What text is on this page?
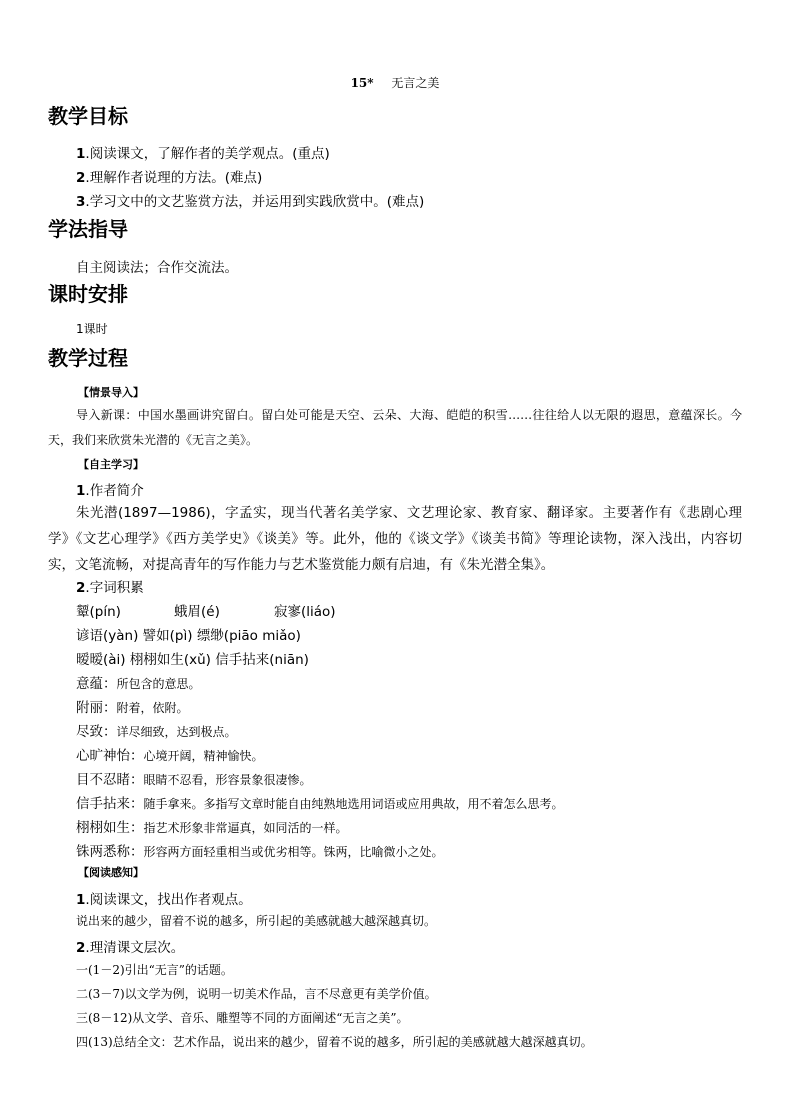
15* 无言之美
教学目标
1.阅读课文，了解作者的美学观点。(重点)
2.理解作者说理的方法。(难点)
3.学习文中的文艺鉴赏方法，并运用到实践欣赏中。(难点)
学法指导
自主阅读法；合作交流法。
课时安排
1课时
教学过程
【情景导入】
导入新课：中国水墨画讲究留白。留白处可能是天空、云朵、大海、皑皑的积雪……往往给人以无限的遐思，意蕴深长。今天，我们来欣赏朱光潜的《无言之美》。
【自主学习】
1.作者简介
朱光潜(1897—1986)，字孟实，现当代著名美学家、文艺理论家、教育家、翻译家。主要著作有《悲剧心理学》《文艺心理学》《西方美学史》《谈美》等。此外，他的《谈文学》《谈美书简》等理论读物，深入浅出，内容切实，文笔流畅，对提高青年的写作能力与艺术鉴赏能力颇有启迪，有《朱光潜全集》。
2.字词积累
颦(pín)	蛾眉(é)	寂寥(liáo)
谚语(yàn) 譬如(pì) 缥缈(piāo miǎo)
暧暧(ài) 栩栩如生(xǔ) 信手拈来(niān)
意蕴：所包含的意思。
附丽：附着，依附。
尽致：详尽细致，达到极点。
心旷神怡：心境开阔，精神愉快。
目不忍睹：眼睛不忍看，形容景象很凄惨。
信手拈来：随手拿来。多指写文章时能自由纯熟地选用词语或应用典故，用不着怎么思考。
栩栩如生：指艺术形象非常逼真，如同活的一样。
铢两悉称：形容两方面轻重相当或优劣相等。铢两，比喻微小之处。
【阅读感知】
1.阅读课文，找出作者观点。
说出来的越少，留着不说的越多，所引起的美感就越大越深越真切。
2.理清课文层次。
一(1－2)引出“无言”的话题。
二(3－7)以文学为例，说明一切美术作品，言不尽意更有美学价值。
三(8－12)从文学、音乐、雕塑等不同的方面阐述“无言之美”。
四(13)总结全文：艺术作品，说出来的越少，留着不说的越多，所引起的美感就越大越深越真切。
